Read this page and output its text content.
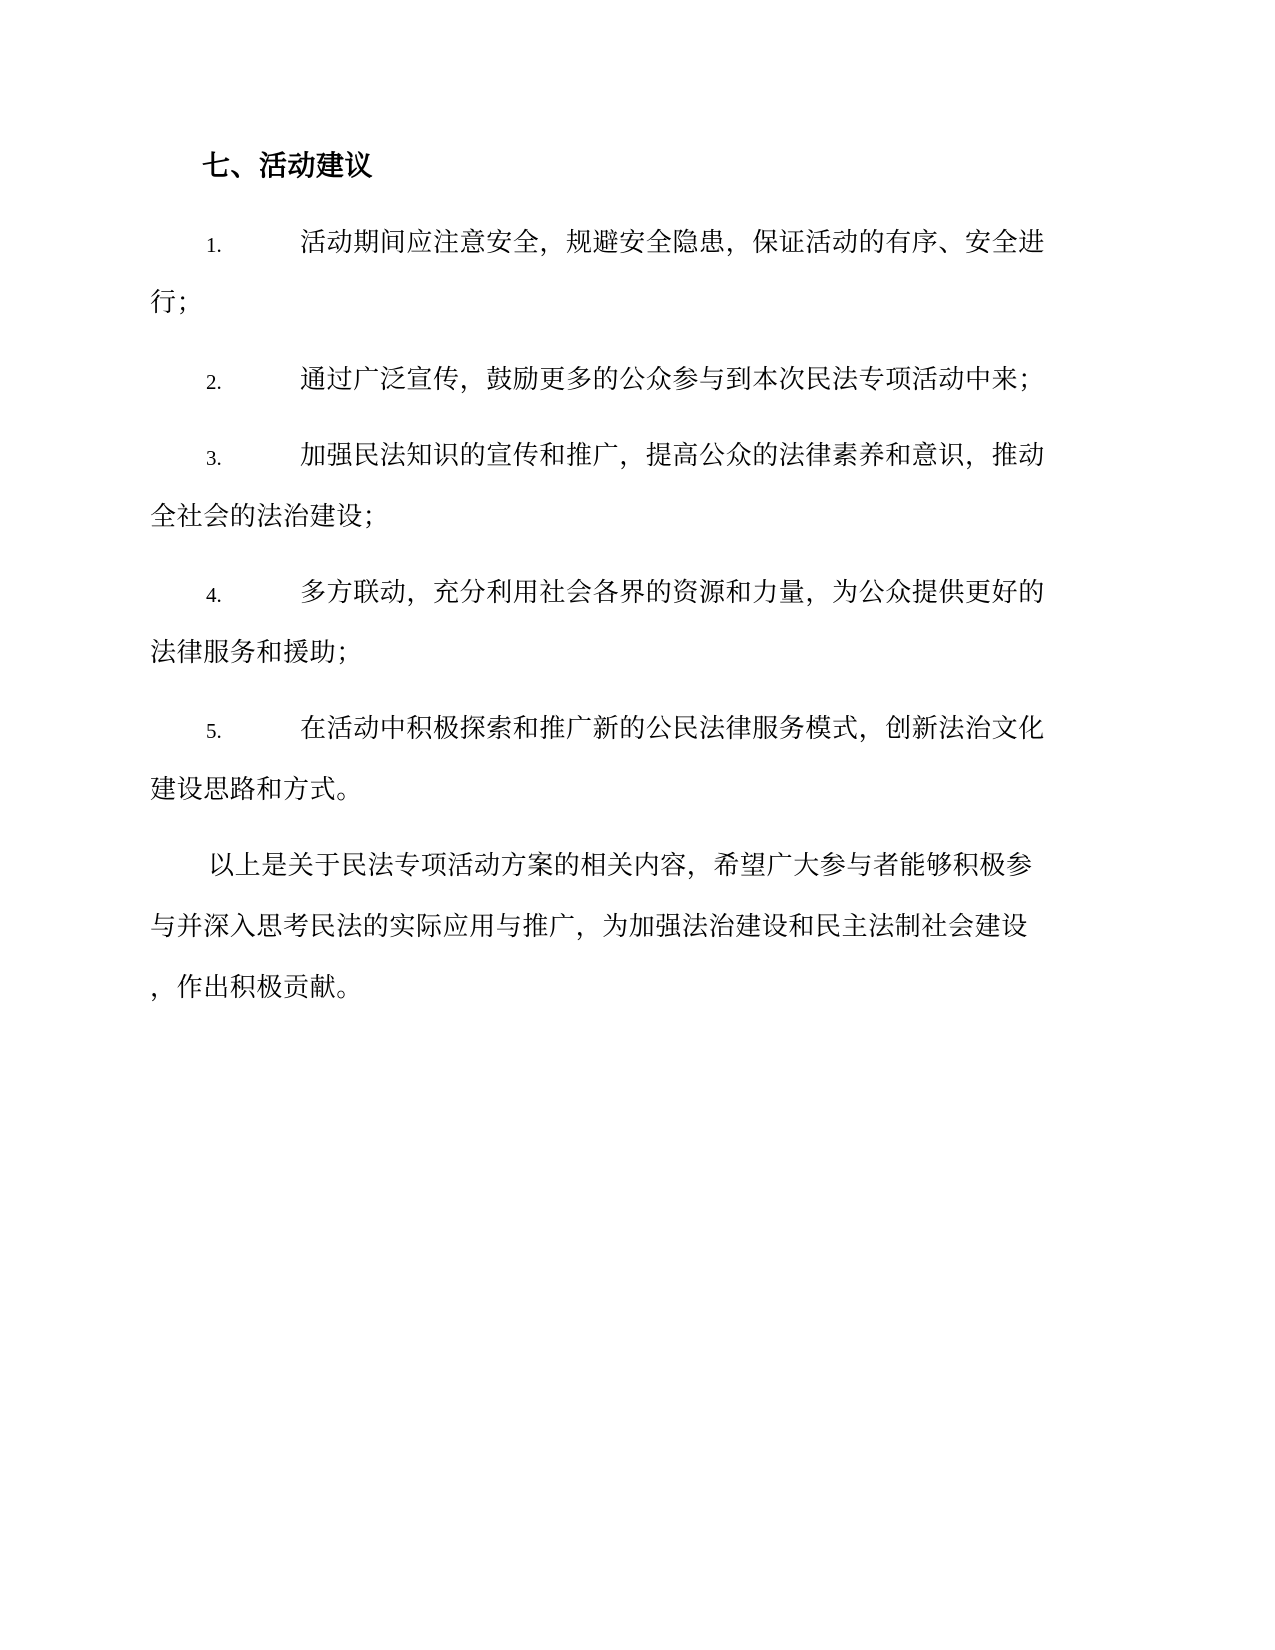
七、活动建议
1.	活动期间应注意安全，规避安全隐患，保证活动的有序、安全进
行；
2.	通过广泛宣传，鼓励更多的公众参与到本次民法专项活动中来；
3.	加强民法知识的宣传和推广，提高公众的法律素养和意识，推动
全社会的法治建设；
4.	多方联动，充分利用社会各界的资源和力量，为公众提供更好的
法律服务和援助；
5.	在活动中积极探索和推广新的公民法律服务模式，创新法治文化
建设思路和方式。
以上是关于民法专项活动方案的相关内容，希望广大参与者能够积极参
与并深入思考民法的实际应用与推广，为加强法治建设和民主法制社会建设
，作出积极贡献。
